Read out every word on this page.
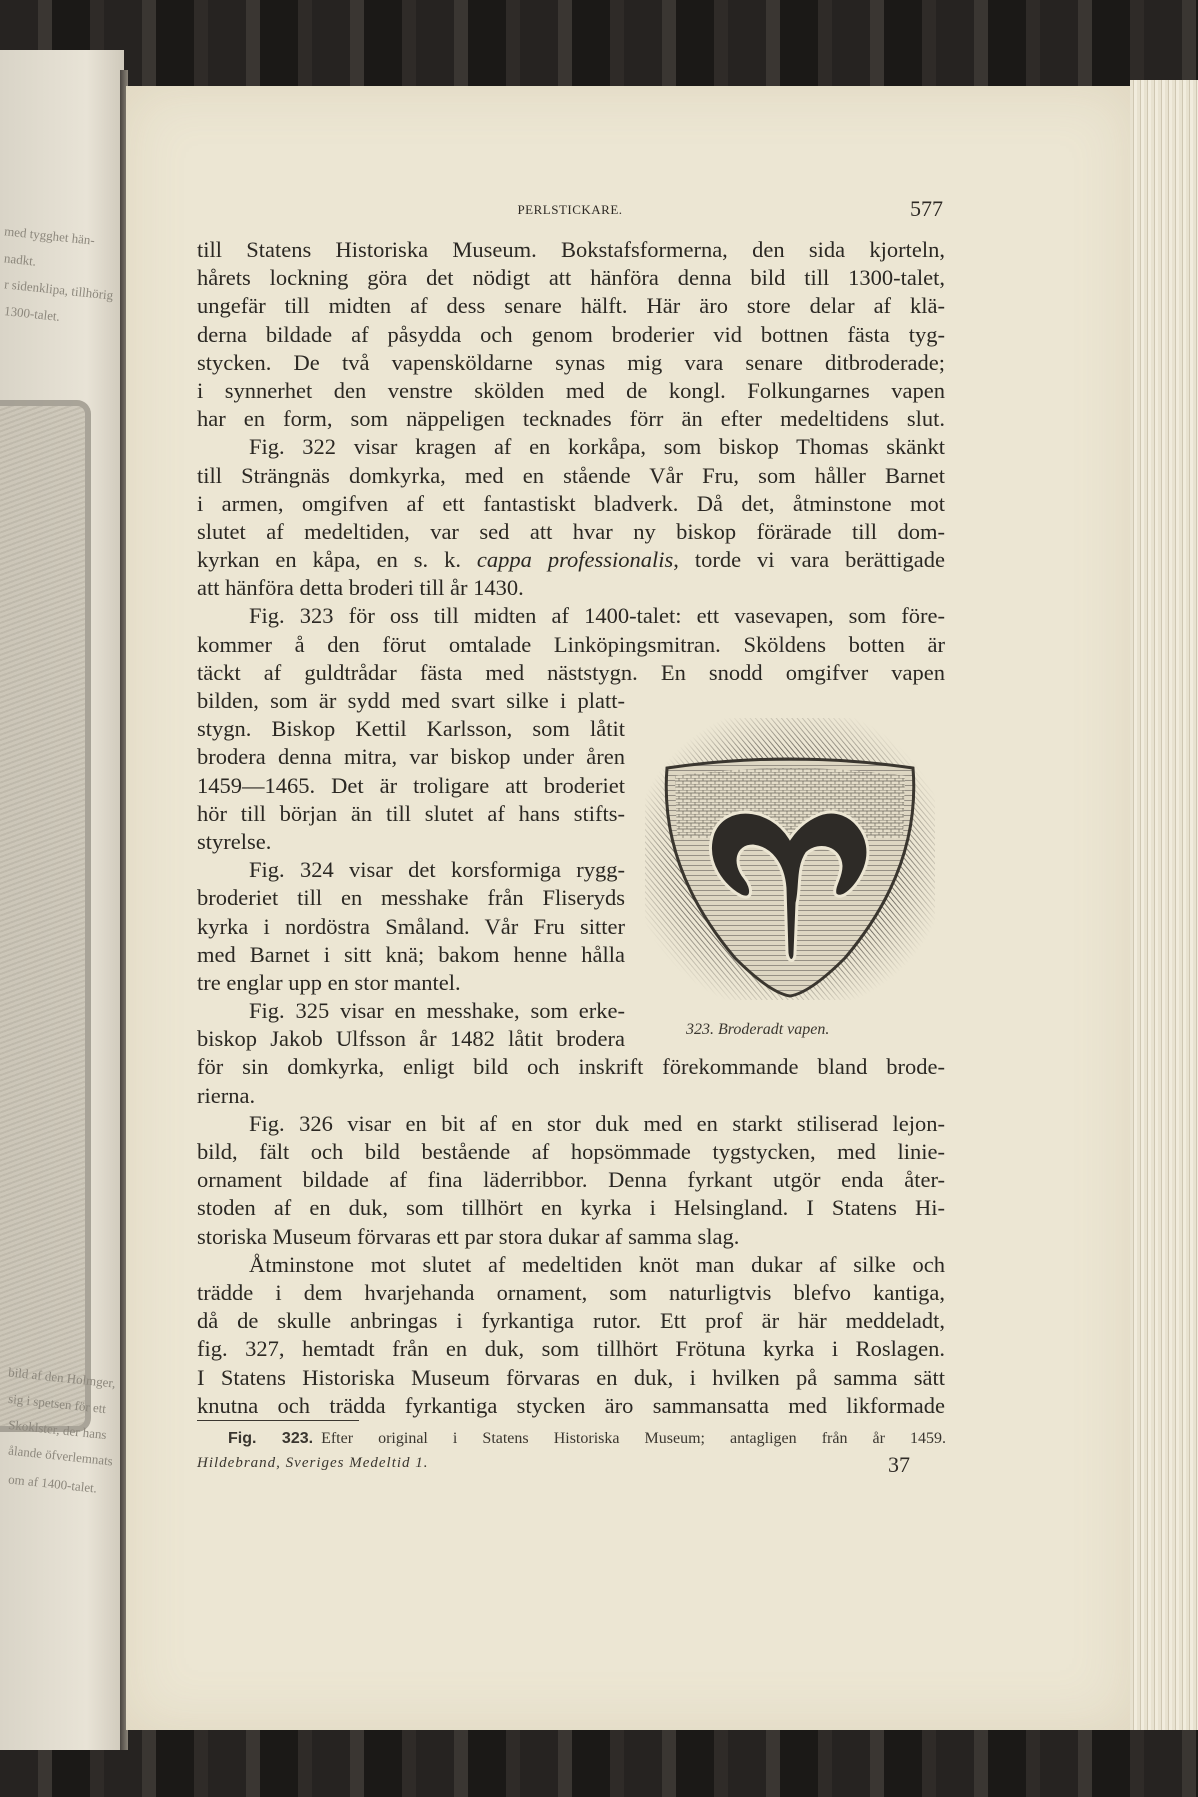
med tygghet hän-
nadkt.
r sidenklipa, tillhörig
1300-talet.
bild af den Holmger,
sig i spetsen för ett
Skoklster, der hans
ålande öfverlemnats
om af 1400-talet.
PERLSTICKARE.	577
till Statens Historiska Museum. Bokstafsformerna, den sida kjorteln,
hårets lockning göra det nödigt att hänföra denna bild till 1300-talet,
ungefär till midten af dess senare hälft. Här äro store delar af klä-
derna bildade af påsydda och genom broderier vid bottnen fästa tyg-
stycken. De två vapensköldarne synas mig vara senare ditbroderade;
i synnerhet den venstre skölden med de kongl. Folkungarnes vapen
har en form, som näppeligen tecknades förr än efter medeltidens slut.
Fig. 322 visar kragen af en korkåpa, som biskop Thomas skänkt
till Strängnäs domkyrka, med en stående Vår Fru, som håller Barnet
i armen, omgifven af ett fantastiskt bladverk. Då det, åtminstone mot
slutet af medeltiden, var sed att hvar ny biskop förärade till dom-
kyrkan en kåpa, en s. k. cappa professionalis, torde vi vara berättigade
att hänföra detta broderi till år 1430.
Fig. 323 för oss till midten af 1400-talet: ett vasevapen, som före-
kommer å den förut omtalade Linköpingsmitran. Sköldens botten är
täckt af guldtrådar fästa med näststygn. En snodd omgifver vapen
bilden, som är sydd med svart silke i platt-
stygn. Biskop Kettil Karlsson, som låtit
brodera denna mitra, var biskop under åren
1459—1465. Det är troligare att broderiet
hör till början än till slutet af hans stifts-
styrelse.
Fig. 324 visar det korsformiga rygg-
broderiet till en messhake från Fliseryds
kyrka i nordöstra Småland. Vår Fru sitter
med Barnet i sitt knä; bakom henne hålla
tre englar upp en stor mantel.
Fig. 325 visar en messhake, som erke-
biskop Jakob Ulfsson år 1482 låtit brodera
för sin domkyrka, enligt bild och inskrift förekommande bland brode-
rierna.
Fig. 326 visar en bit af en stor duk med en starkt stiliserad lejon-
bild, fält och bild bestående af hopsömmade tygstycken, med linie-
ornament bildade af fina läderribbor. Denna fyrkant utgör enda åter-
stoden af en duk, som tillhört en kyrka i Helsingland. I Statens Hi-
storiska Museum förvaras ett par stora dukar af samma slag.
Åtminstone mot slutet af medeltiden knöt man dukar af silke och
trädde i dem hvarjehanda ornament, som naturligtvis blefvo kantiga,
då de skulle anbringas i fyrkantiga rutor. Ett prof är här meddeladt,
fig. 327, hemtadt från en duk, som tillhört Frötuna kyrka i Roslagen.
I Statens Historiska Museum förvaras en duk, i hvilken på samma sätt
knutna och trädda fyrkantiga stycken äro sammansatta med likformade
323. Broderadt vapen.
Fig. 323. Efter original i Statens Historiska Museum; antagligen från år 1459.
Hildebrand, Sveriges Medeltid 1.	37
